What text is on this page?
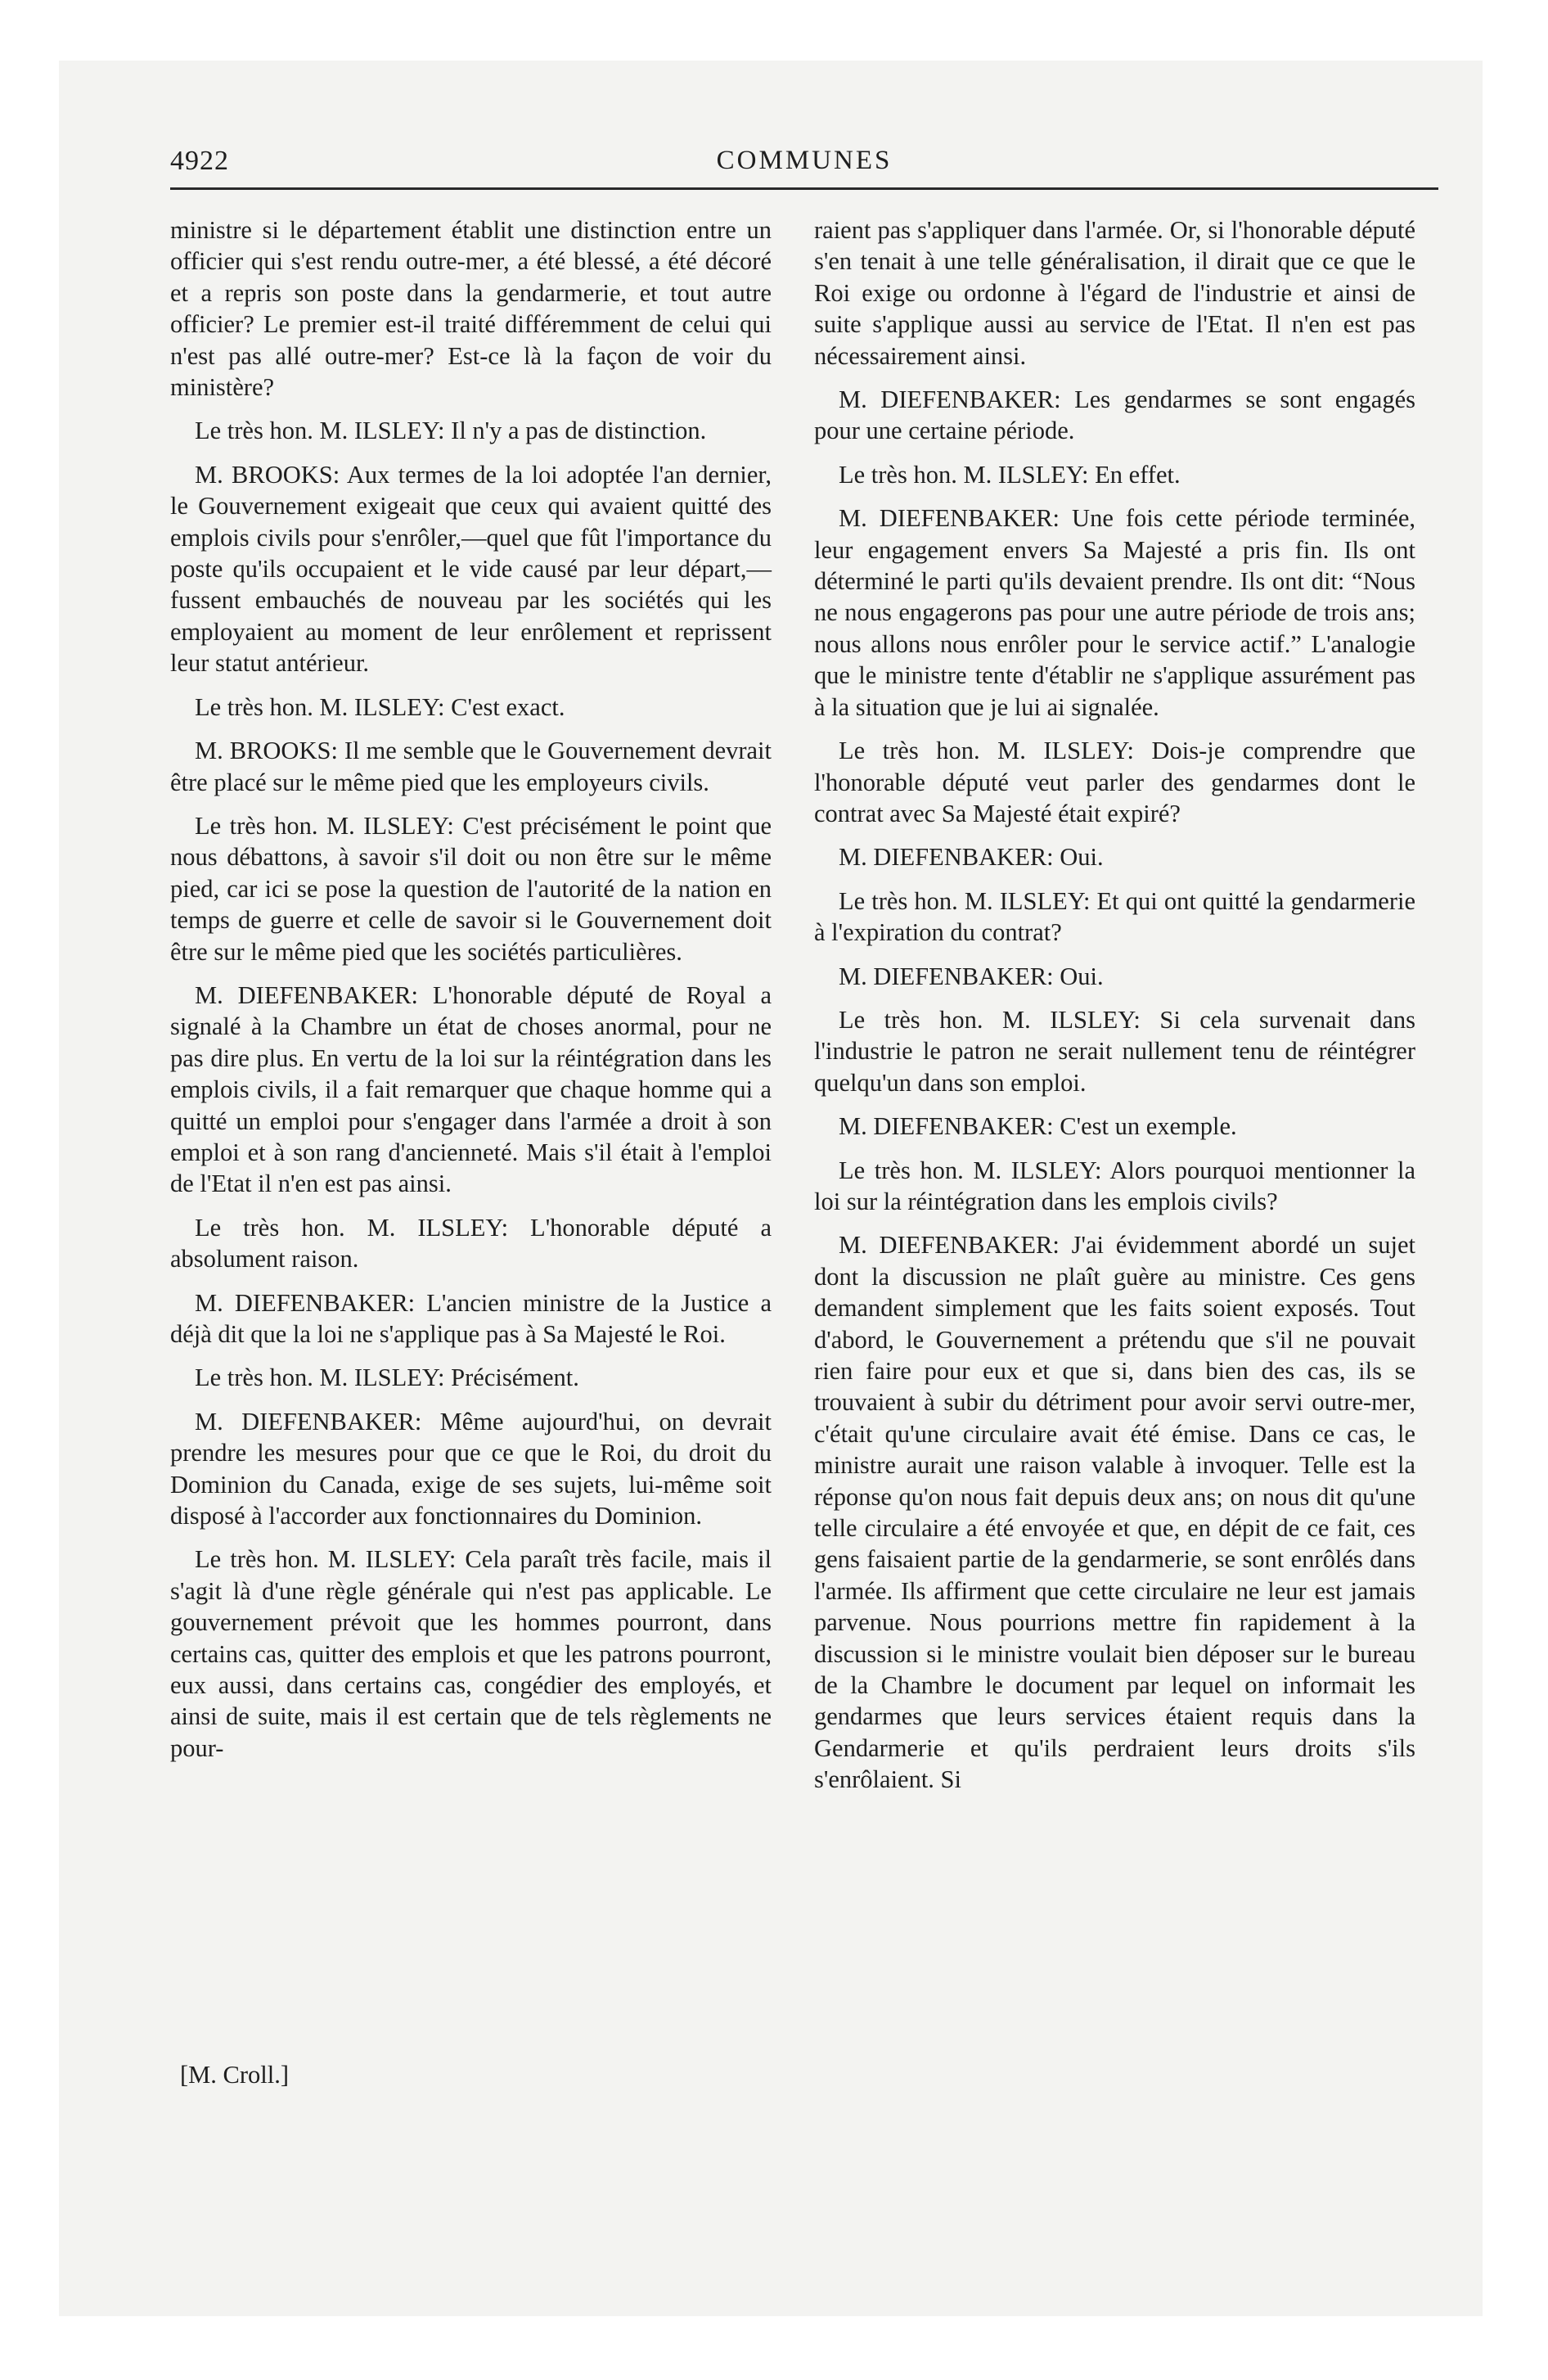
4922	COMMUNES

ministre si le département établit une distinction entre un officier qui s'est rendu outre-mer, a été blessé, a été décoré et a repris son poste dans la gendarmerie, et tout autre officier? Le premier est-il traité différemment de celui qui n'est pas allé outre-mer? Est-ce là la façon de voir du ministère?

Le très hon. M. ILSLEY: Il n'y a pas de distinction.

M. BROOKS: Aux termes de la loi adoptée l'an dernier, le Gouvernement exigeait que ceux qui avaient quitté des emplois civils pour s'enrôler,—quel que fût l'importance du poste qu'ils occupaient et le vide causé par leur départ,—fussent embauchés de nouveau par les sociétés qui les employaient au moment de leur enrôlement et reprissent leur statut antérieur.

Le très hon. M. ILSLEY: C'est exact.

M. BROOKS: Il me semble que le Gouvernement devrait être placé sur le même pied que les employeurs civils.

Le très hon. M. ILSLEY: C'est précisément le point que nous débattons, à savoir s'il doit ou non être sur le même pied, car ici se pose la question de l'autorité de la nation en temps de guerre et celle de savoir si le Gouvernement doit être sur le même pied que les sociétés particulières.

M. DIEFENBAKER: L'honorable député de Royal a signalé à la Chambre un état de choses anormal, pour ne pas dire plus. En vertu de la loi sur la réintégration dans les emplois civils, il a fait remarquer que chaque homme qui a quitté un emploi pour s'engager dans l'armée a droit à son emploi et à son rang d'ancienneté. Mais s'il était à l'emploi de l'Etat il n'en est pas ainsi.

Le très hon. M. ILSLEY: L'honorable député a absolument raison.

M. DIEFENBAKER: L'ancien ministre de la Justice a déjà dit que la loi ne s'applique pas à Sa Majesté le Roi.

Le très hon. M. ILSLEY: Précisément.

M. DIEFENBAKER: Même aujourd'hui, on devrait prendre les mesures pour que ce que le Roi, du droit du Dominion du Canada, exige de ses sujets, lui-même soit disposé à l'accorder aux fonctionnaires du Dominion.

Le très hon. M. ILSLEY: Cela paraît très facile, mais il s'agit là d'une règle générale qui n'est pas applicable. Le gouvernement prévoit que les hommes pourront, dans certains cas, quitter des emplois et que les patrons pourront, eux aussi, dans certains cas, congédier des employés, et ainsi de suite, mais il est certain que de tels règlements ne pour-

[M. Croll.]

raient pas s'appliquer dans l'armée. Or, si l'honorable député s'en tenait à une telle généralisation, il dirait que ce que le Roi exige ou ordonne à l'égard de l'industrie et ainsi de suite s'applique aussi au service de l'Etat. Il n'en est pas nécessairement ainsi.

M. DIEFENBAKER: Les gendarmes se sont engagés pour une certaine période.

Le très hon. M. ILSLEY: En effet.

M. DIEFENBAKER: Une fois cette période terminée, leur engagement envers Sa Majesté a pris fin. Ils ont déterminé le parti qu'ils devaient prendre. Ils ont dit: “Nous ne nous engagerons pas pour une autre période de trois ans; nous allons nous enrôler pour le service actif.” L'analogie que le ministre tente d'établir ne s'applique assurément pas à la situation que je lui ai signalée.

Le très hon. M. ILSLEY: Dois-je comprendre que l'honorable député veut parler des gendarmes dont le contrat avec Sa Majesté était expiré?

M. DIEFENBAKER: Oui.

Le très hon. M. ILSLEY: Et qui ont quitté la gendarmerie à l'expiration du contrat?

M. DIEFENBAKER: Oui.

Le très hon. M. ILSLEY: Si cela survenait dans l'industrie le patron ne serait nullement tenu de réintégrer quelqu'un dans son emploi.

M. DIEFENBAKER: C'est un exemple.

Le très hon. M. ILSLEY: Alors pourquoi mentionner la loi sur la réintégration dans les emplois civils?

M. DIEFENBAKER: J'ai évidemment abordé un sujet dont la discussion ne plaît guère au ministre. Ces gens demandent simplement que les faits soient exposés. Tout d'abord, le Gouvernement a prétendu que s'il ne pouvait rien faire pour eux et que si, dans bien des cas, ils se trouvaient à subir du détriment pour avoir servi outre-mer, c'était qu'une circulaire avait été émise. Dans ce cas, le ministre aurait une raison valable à invoquer. Telle est la réponse qu'on nous fait depuis deux ans; on nous dit qu'une telle circulaire a été envoyée et que, en dépit de ce fait, ces gens faisaient partie de la gendarmerie, se sont enrôlés dans l'armée. Ils affirment que cette circulaire ne leur est jamais parvenue. Nous pourrions mettre fin rapidement à la discussion si le ministre voulait bien déposer sur le bureau de la Chambre le document par lequel on informait les gendarmes que leurs services étaient requis dans la Gendarmerie et qu'ils perdraient leurs droits s'ils s'enrôlaient. Si
